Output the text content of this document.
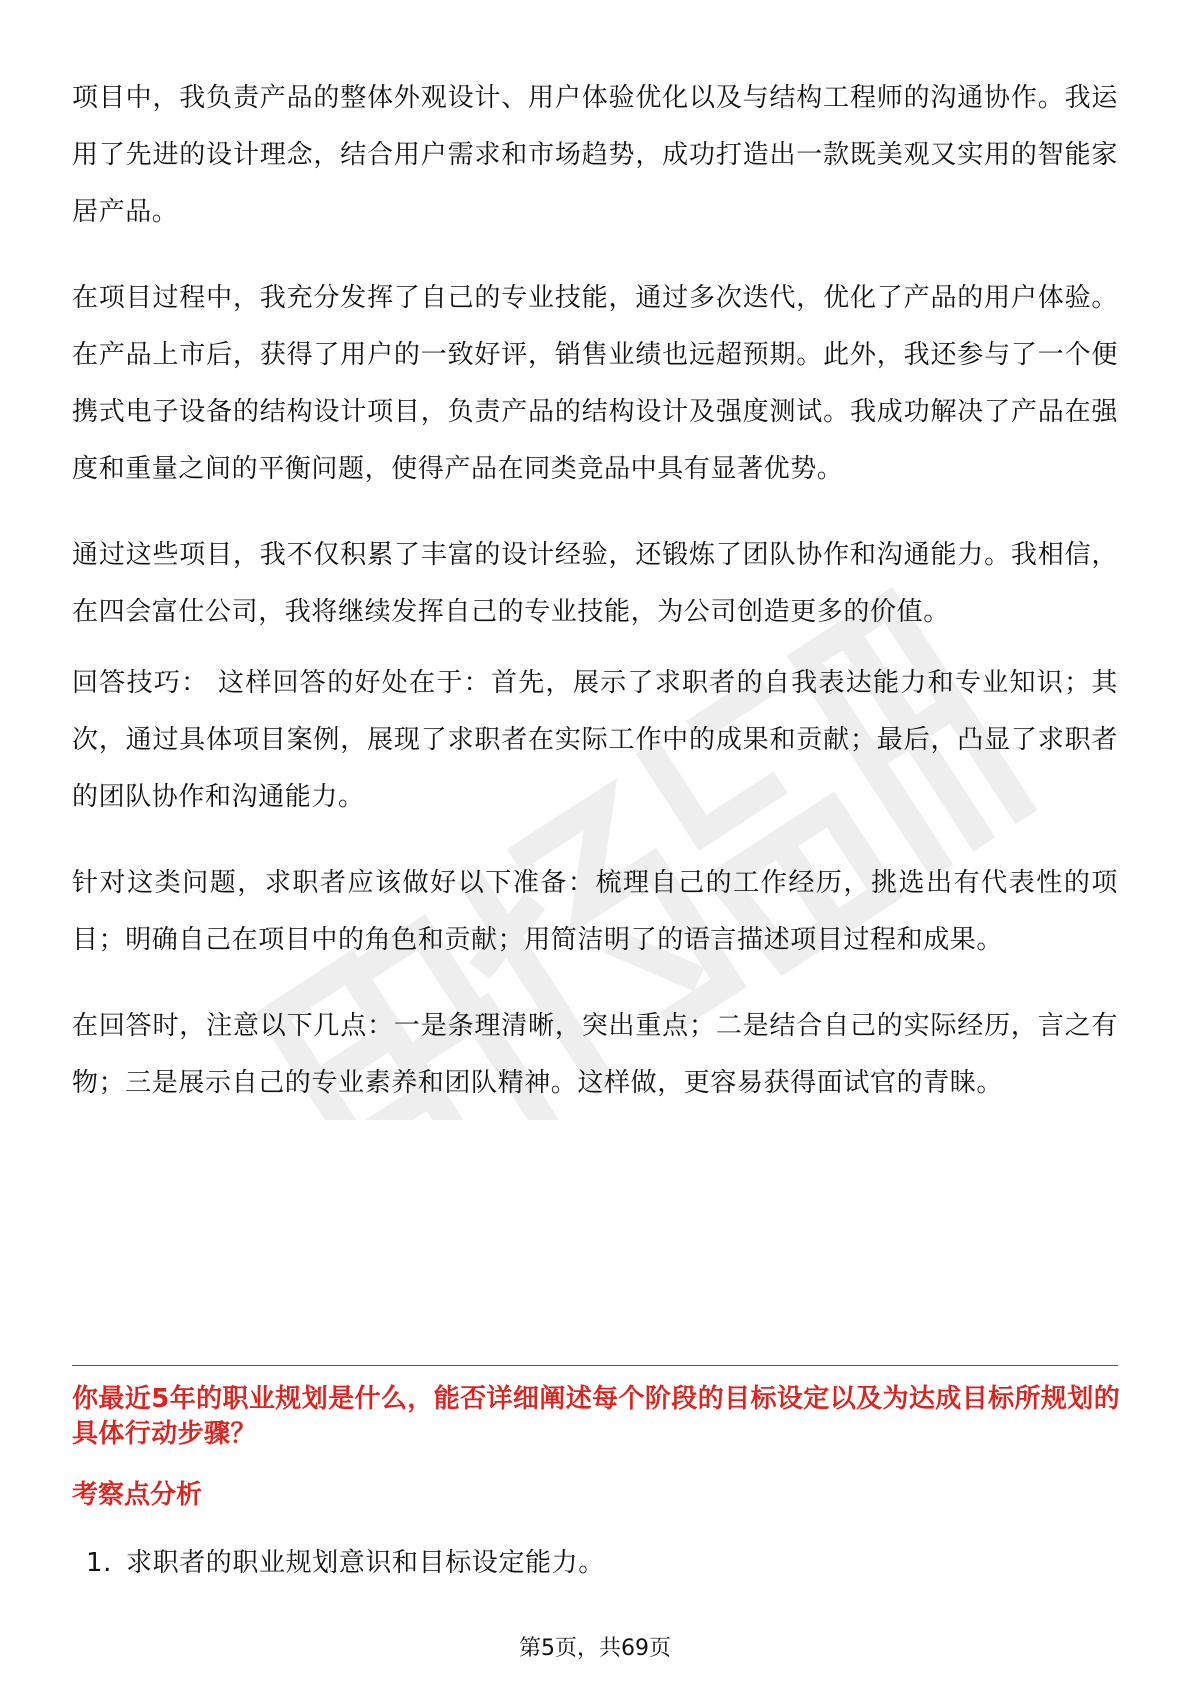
项目中，我负责产品的整体外观设计、用户体验优化以及与结构工程师的沟通协作。我运用了先进的设计理念，结合用户需求和市场趋势，成功打造出一款既美观又实用的智能家居产品。

在项目过程中，我充分发挥了自己的专业技能，通过多次迭代，优化了产品的用户体验。在产品上市后，获得了用户的一致好评，销售业绩也远超预期。此外，我还参与了一个便携式电子设备的结构设计项目，负责产品的结构设计及强度测试。我成功解决了产品在强度和重量之间的平衡问题，使得产品在同类竞品中具有显著优势。

通过这些项目，我不仅积累了丰富的设计经验，还锻炼了团队协作和沟通能力。我相信，在四会富仕公司，我将继续发挥自己的专业技能，为公司创造更多的价值。

回答技巧： 这样回答的好处在于：首先，展示了求职者的自我表达能力和专业知识；其次，通过具体项目案例，展现了求职者在实际工作中的成果和贡献；最后，凸显了求职者的团队协作和沟通能力。

针对这类问题，求职者应该做好以下准备：梳理自己的工作经历，挑选出有代表性的项目；明确自己在项目中的角色和贡献；用简洁明了的语言描述项目过程和成果。

在回答时，注意以下几点：一是条理清晰，突出重点；二是结合自己的实际经历，言之有物；三是展示自己的专业素养和团队精神。这样做，更容易获得面试官的青睐。

你最近5年的职业规划是什么，能否详细阐述每个阶段的目标设定以及为达成目标所规划的具体行动步骤？
考察点分析

1. 求职者的职业规划意识和目标设定能力。

第5页，共69页
